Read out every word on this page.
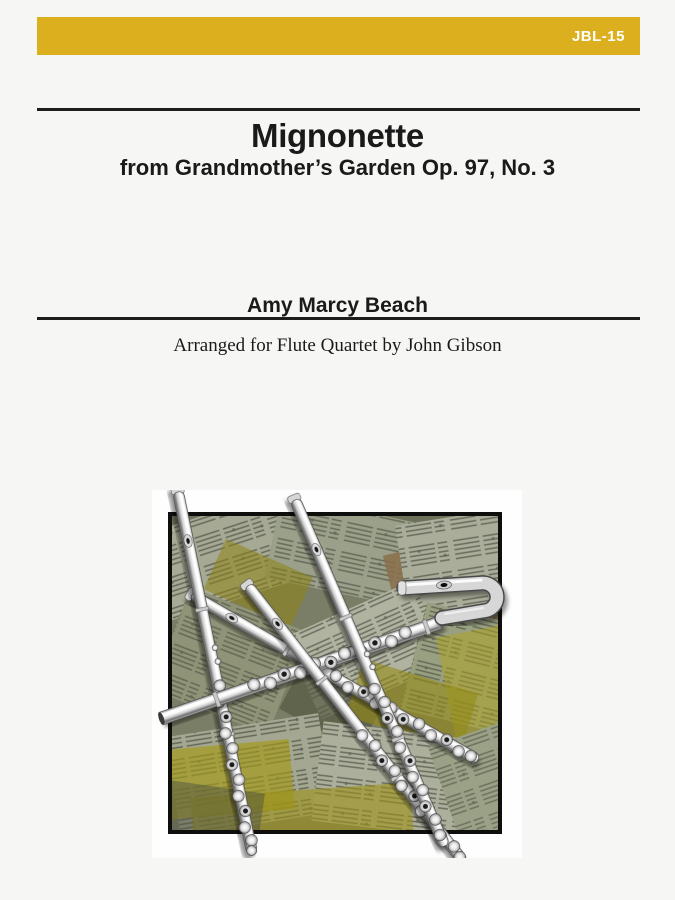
JBL-15
Mignonette
from Grandmother’s Garden Op. 97, No. 3
Amy Marcy Beach
Arranged for Flute Quartet by John Gibson
